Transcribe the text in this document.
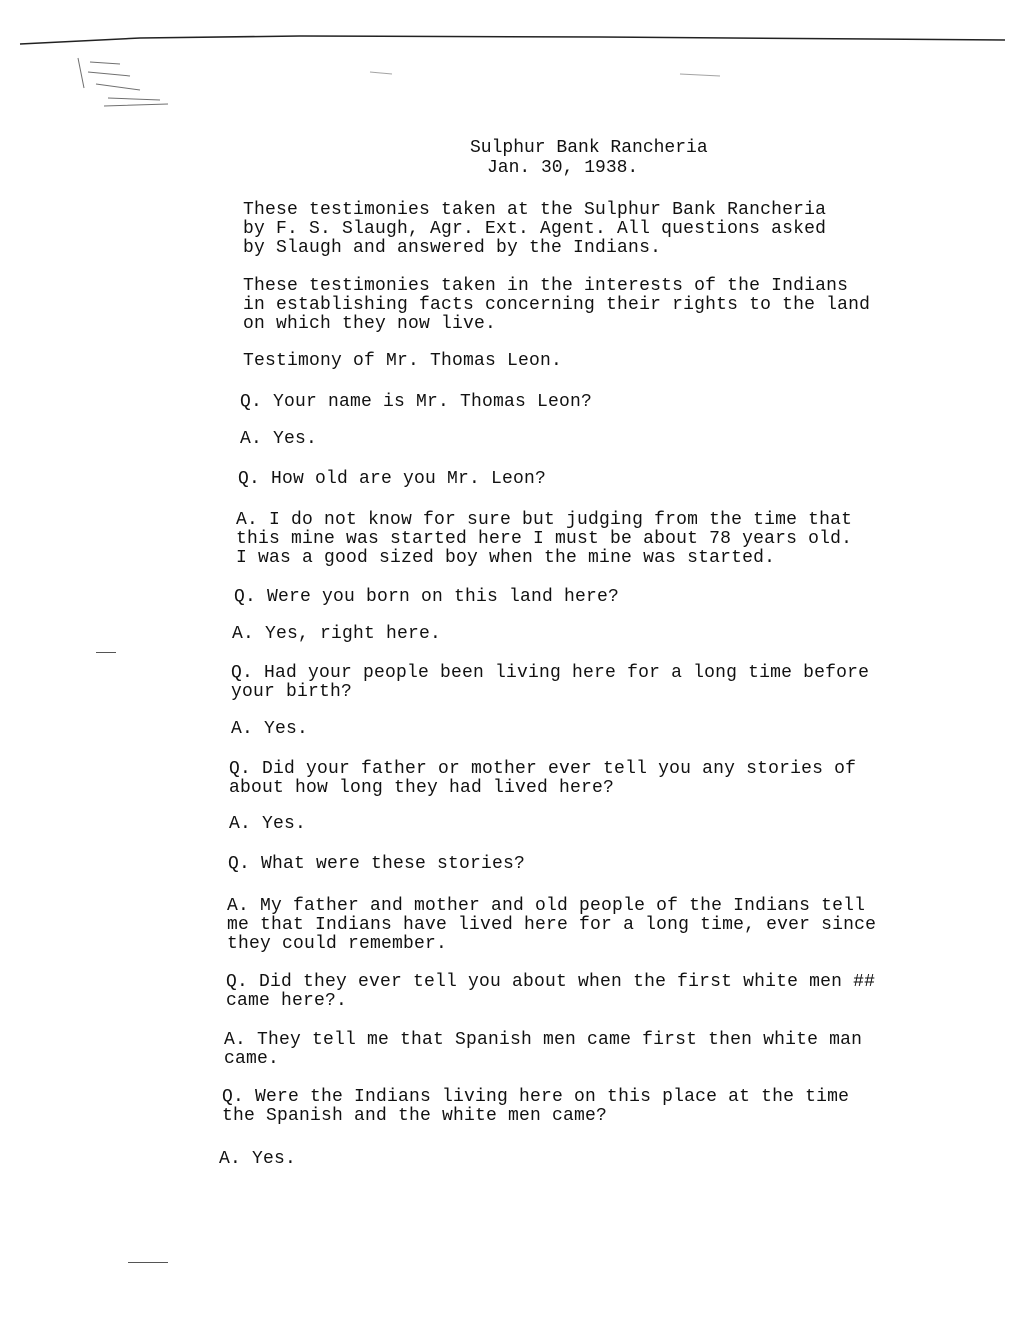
Sulphur Bank Rancheria
Jan. 30, 1938.

These testimonies taken at the Sulphur Bank Rancheria
by F. S. Slaugh, Agr. Ext. Agent. All questions asked
by Slaugh and answered by the Indians.

These testimonies taken in the interests of the Indians
in establishing facts concerning their rights to the land
on which they now live.

Testimony of Mr. Thomas Leon.

Q. Your name is Mr. Thomas Leon?

A. Yes.

Q. How old are you Mr. Leon?

A. I do not know for sure but judging from the time that
this mine was started here I must be about 78 years old.
I was a good sized boy when the mine was started.

Q. Were you born on this land here?

A. Yes, right here.

Q. Had your people been living here for a long time before
your birth?

A. Yes.

Q. Did your father or mother ever tell you any stories of
about how long they had lived here?

A. Yes.

Q. What were these stories?

A. My father and mother and old people of the Indians tell
me that Indians have lived here for a long time, ever since
they could remember.

Q. Did they ever tell you about when the first white men ##
came here?.

A. They tell me that Spanish men came first then white man
came.

Q. Were the Indians living here on this place at the time
the Spanish and the white men came?

A. Yes.
